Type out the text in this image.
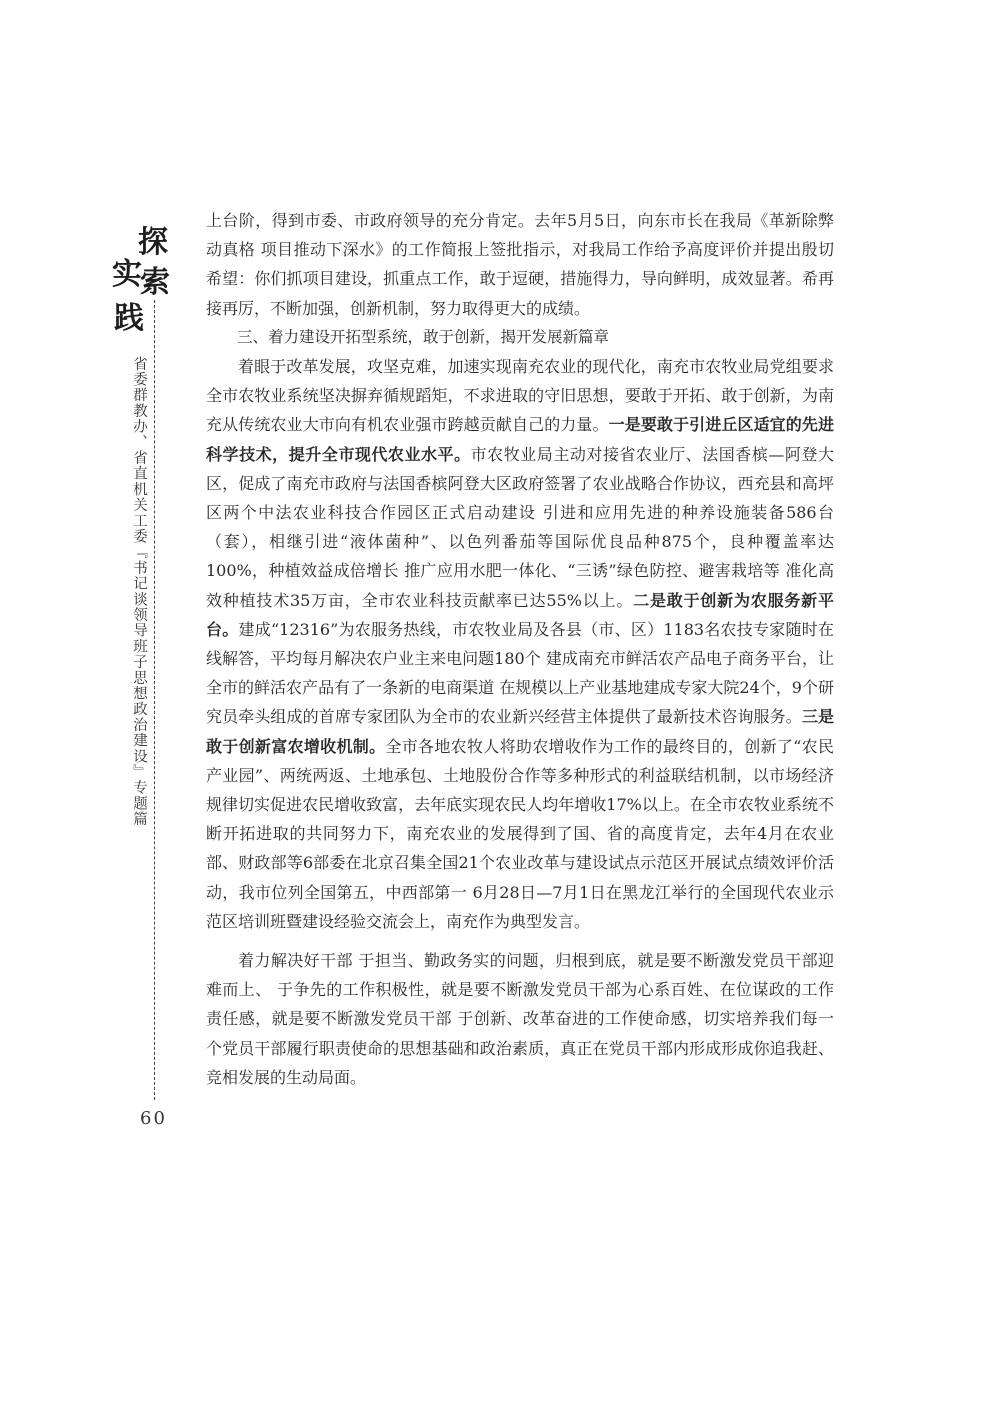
探
索
实
践
省委群教办、省直机关工委『书记谈领导班子思想政治建设』专题篇
60

上台阶，得到市委、市政府领导的充分肯定。去年5月5日，向东市长在我局《革新除弊动真格 项目推动下深水》的工作简报上签批指示，对我局工作给予高度评价并提出殷切希望：你们抓项目建设，抓重点工作，敢于逗硬，措施得力，导向鲜明，成效显著。希再接再厉，不断加强，创新机制，努力取得更大的成绩。

三、着力建设开拓型系统，敢于创新，揭开发展新篇章

着眼于改革发展，攻坚克难，加速实现南充农业的现代化，南充市农牧业局党组要求全市农牧业系统坚决摒弃循规蹈矩，不求进取的守旧思想，要敢于开拓、敢于创新，为南充从传统农业大市向有机农业强市跨越贡献自己的力量。一是要敢于引进丘区适宜的先进科学技术，提升全市现代农业水平。市农牧业局主动对接省农业厅、法国香槟—阿登大区，促成了南充市政府与法国香槟阿登大区政府签署了农业战略合作协议，西充县和高坪区两个中法农业科技合作园区正式启动建设 引进和应用先进的种养设施装备586台（套），相继引进“液体菌种”、以色列番茄等国际优良品种875个，良种覆盖率达100%，种植效益成倍增长 推广应用水肥一体化、“三诱”绿色防控、避害栽培等 准化高效种植技术35万亩，全市农业科技贡献率已达55%以上。二是敢于创新为农服务新平台。建成“12316”为农服务热线，市农牧业局及各县（市、区）1183名农技专家随时在线解答，平均每月解决农户业主来电问题180个 建成南充市鲜活农产品电子商务平台，让全市的鲜活农产品有了一条新的电商渠道 在规模以上产业基地建成专家大院24个，9个研究员牵头组成的首席专家团队为全市的农业新兴经营主体提供了最新技术咨询服务。三是敢于创新富农增收机制。全市各地农牧人将助农增收作为工作的最终目的，创新了“农民产业园”、两统两返、土地承包、土地股份合作等多种形式的利益联结机制，以市场经济规律切实促进农民增收致富，去年底实现农民人均年增收17%以上。在全市农牧业系统不断开拓进取的共同努力下，南充农业的发展得到了国、省的高度肯定，去年4月在农业部、财政部等6部委在北京召集全国21个农业改革与建设试点示范区开展试点绩效评价活动，我市位列全国第五，中西部第一 6月28日—7月1日在黑龙江举行的全国现代农业示范区培训班暨建设经验交流会上，南充作为典型发言。

着力解决好干部 于担当、勤政务实的问题，归根到底，就是要不断激发党员干部迎难而上、 于争先的工作积极性，就是要不断激发党员干部为心系百姓、在位谋政的工作责任感，就是要不断激发党员干部 于创新、改革奋进的工作使命感，切实培养我们每一个党员干部履行职责使命的思想基础和政治素质，真正在党员干部内形成形成你追我赶、竞相发展的生动局面。
